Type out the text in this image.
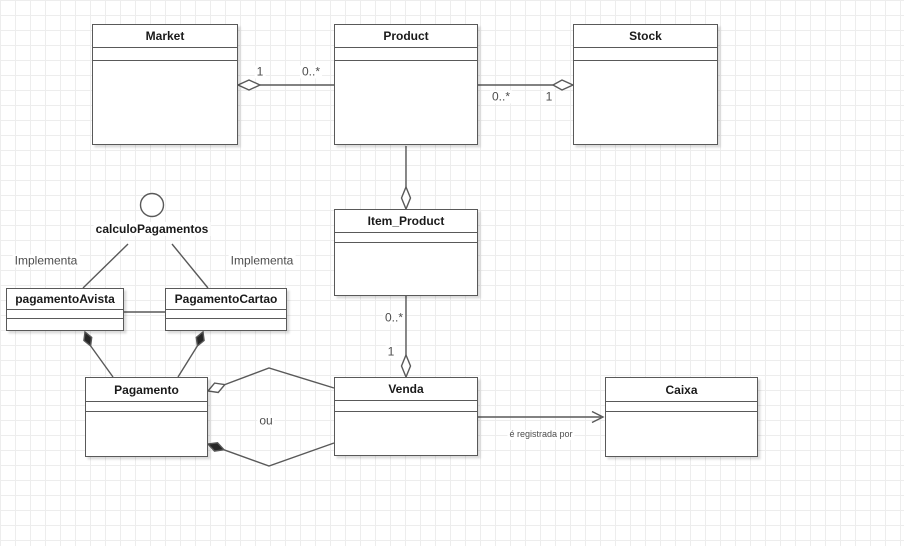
Market	Product	Stock
Item_Product
pagamentoAvista	PagamentoCartao
Pagamento	Venda	Caixa
calculoPagamentos
Implementa	Implementa
1	0..*
0..*	1
0..*
1
ou
é registrada por
